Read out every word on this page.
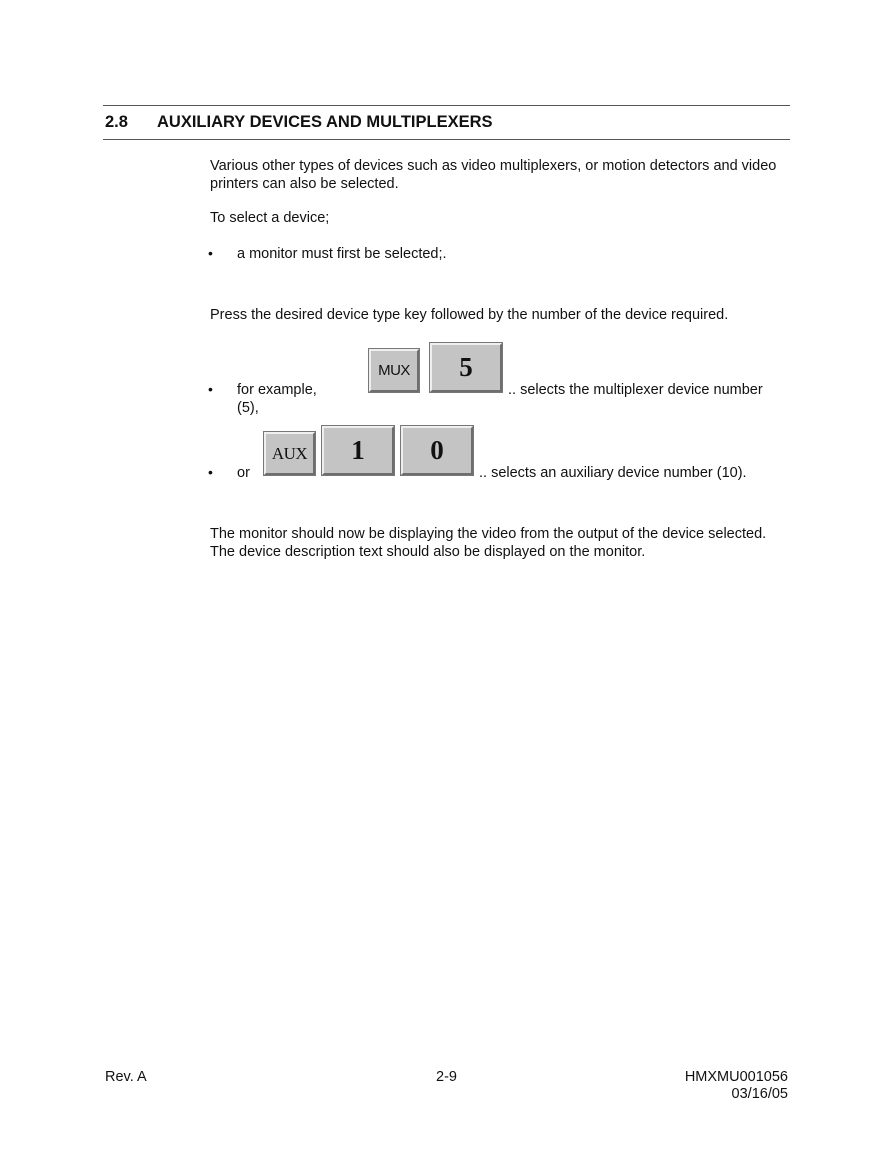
2.8 AUXILIARY DEVICES AND MULTIPLEXERS
Various other types of devices such as video multiplexers, or motion detectors and video
printers can also be selected.
To select a device;
• a monitor must first be selected;.
Press the desired device type key followed by the number of the device required.
• for example,
MUX	5
.. selects the multiplexer device number
(5),
• or
AUX	1	0
.. selects an auxiliary device number (10).
The monitor should now be displaying the video from the output of the device selected.
The device description text should also be displayed on the monitor.
Rev. A	2-9	HMXMU001056
03/16/05
